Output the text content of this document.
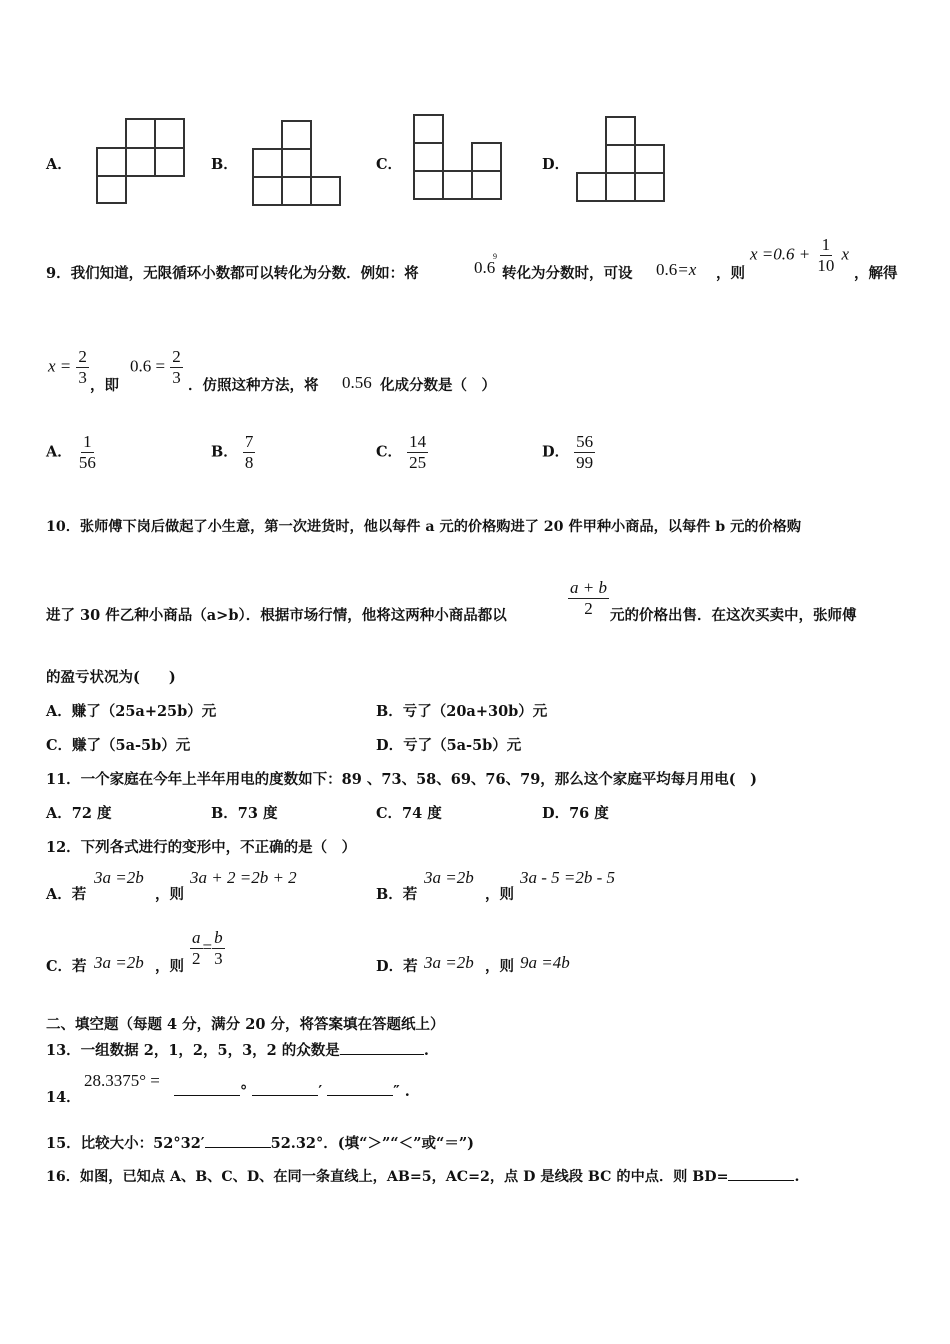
A．	B．	C．	D．
9．我们知道，无限循环小数都可以转化为分数．例如：将	0.6
9
转化为分数时，可设 0.6=x ，则
$x =0.6 + \frac{1}{10}$ x
，解得
$x = \frac{2}{3}$ ，即
$0.6 = \frac{2}{3}$ ．仿照这种方法，将 0.56 化成分数是（　）
A． $\frac{1}{56}$	B． $\frac{7}{8}$	C． $\frac{14}{25}$	D． $\frac{56}{99}$
10．张师傅下岗后做起了小生意，第一次进货时，他以每件 a 元的价格购进了 20 件甲种小商品，以每件 b 元的价格购
进了 30 件乙种小商品（a>b）．根据市场行情，他将这两种小商品都以	$\frac{a + b}{2}$ 元的价格出售．在这次买卖中，张师傅
的盈亏状况为(　　)
A．赚了（25a+25b）元	B．亏了（20a+30b）元
C．赚了（5a-5b）元	D．亏了（5a-5b）元
11．一个家庭在今年上半年用电的度数如下：89 、73、58、69、76、79，那么这个家庭平均每月用电(　)
A．72 度	B．73 度	C．74 度	D．76 度
12．下列各式进行的变形中，不正确的是（　）
A．若
3a =2b
，则
3a + 2 =2b + 2
B．若
3a =2b
，则
3a - 5 =2b - 5
C．若 3a =2b ，则 $\frac{a}{2} = \frac{b}{3}$	D．若 3a =2b ，则 9a =4b
二、填空题（每题 4 分，满分 20 分，将答案填在答题纸上）
13．一组数据 2，1，2，5，3，2 的众数是	.
14．
28.3375° =
°	′	″ .
15．比较大小：52°32′	52.32°．(填“＞”“＜”或“＝”)
16．如图，已知点 A、B、C、D、在同一条直线上，AB=5，AC=2，点 D 是线段 BC 的中点．则 BD=	.
